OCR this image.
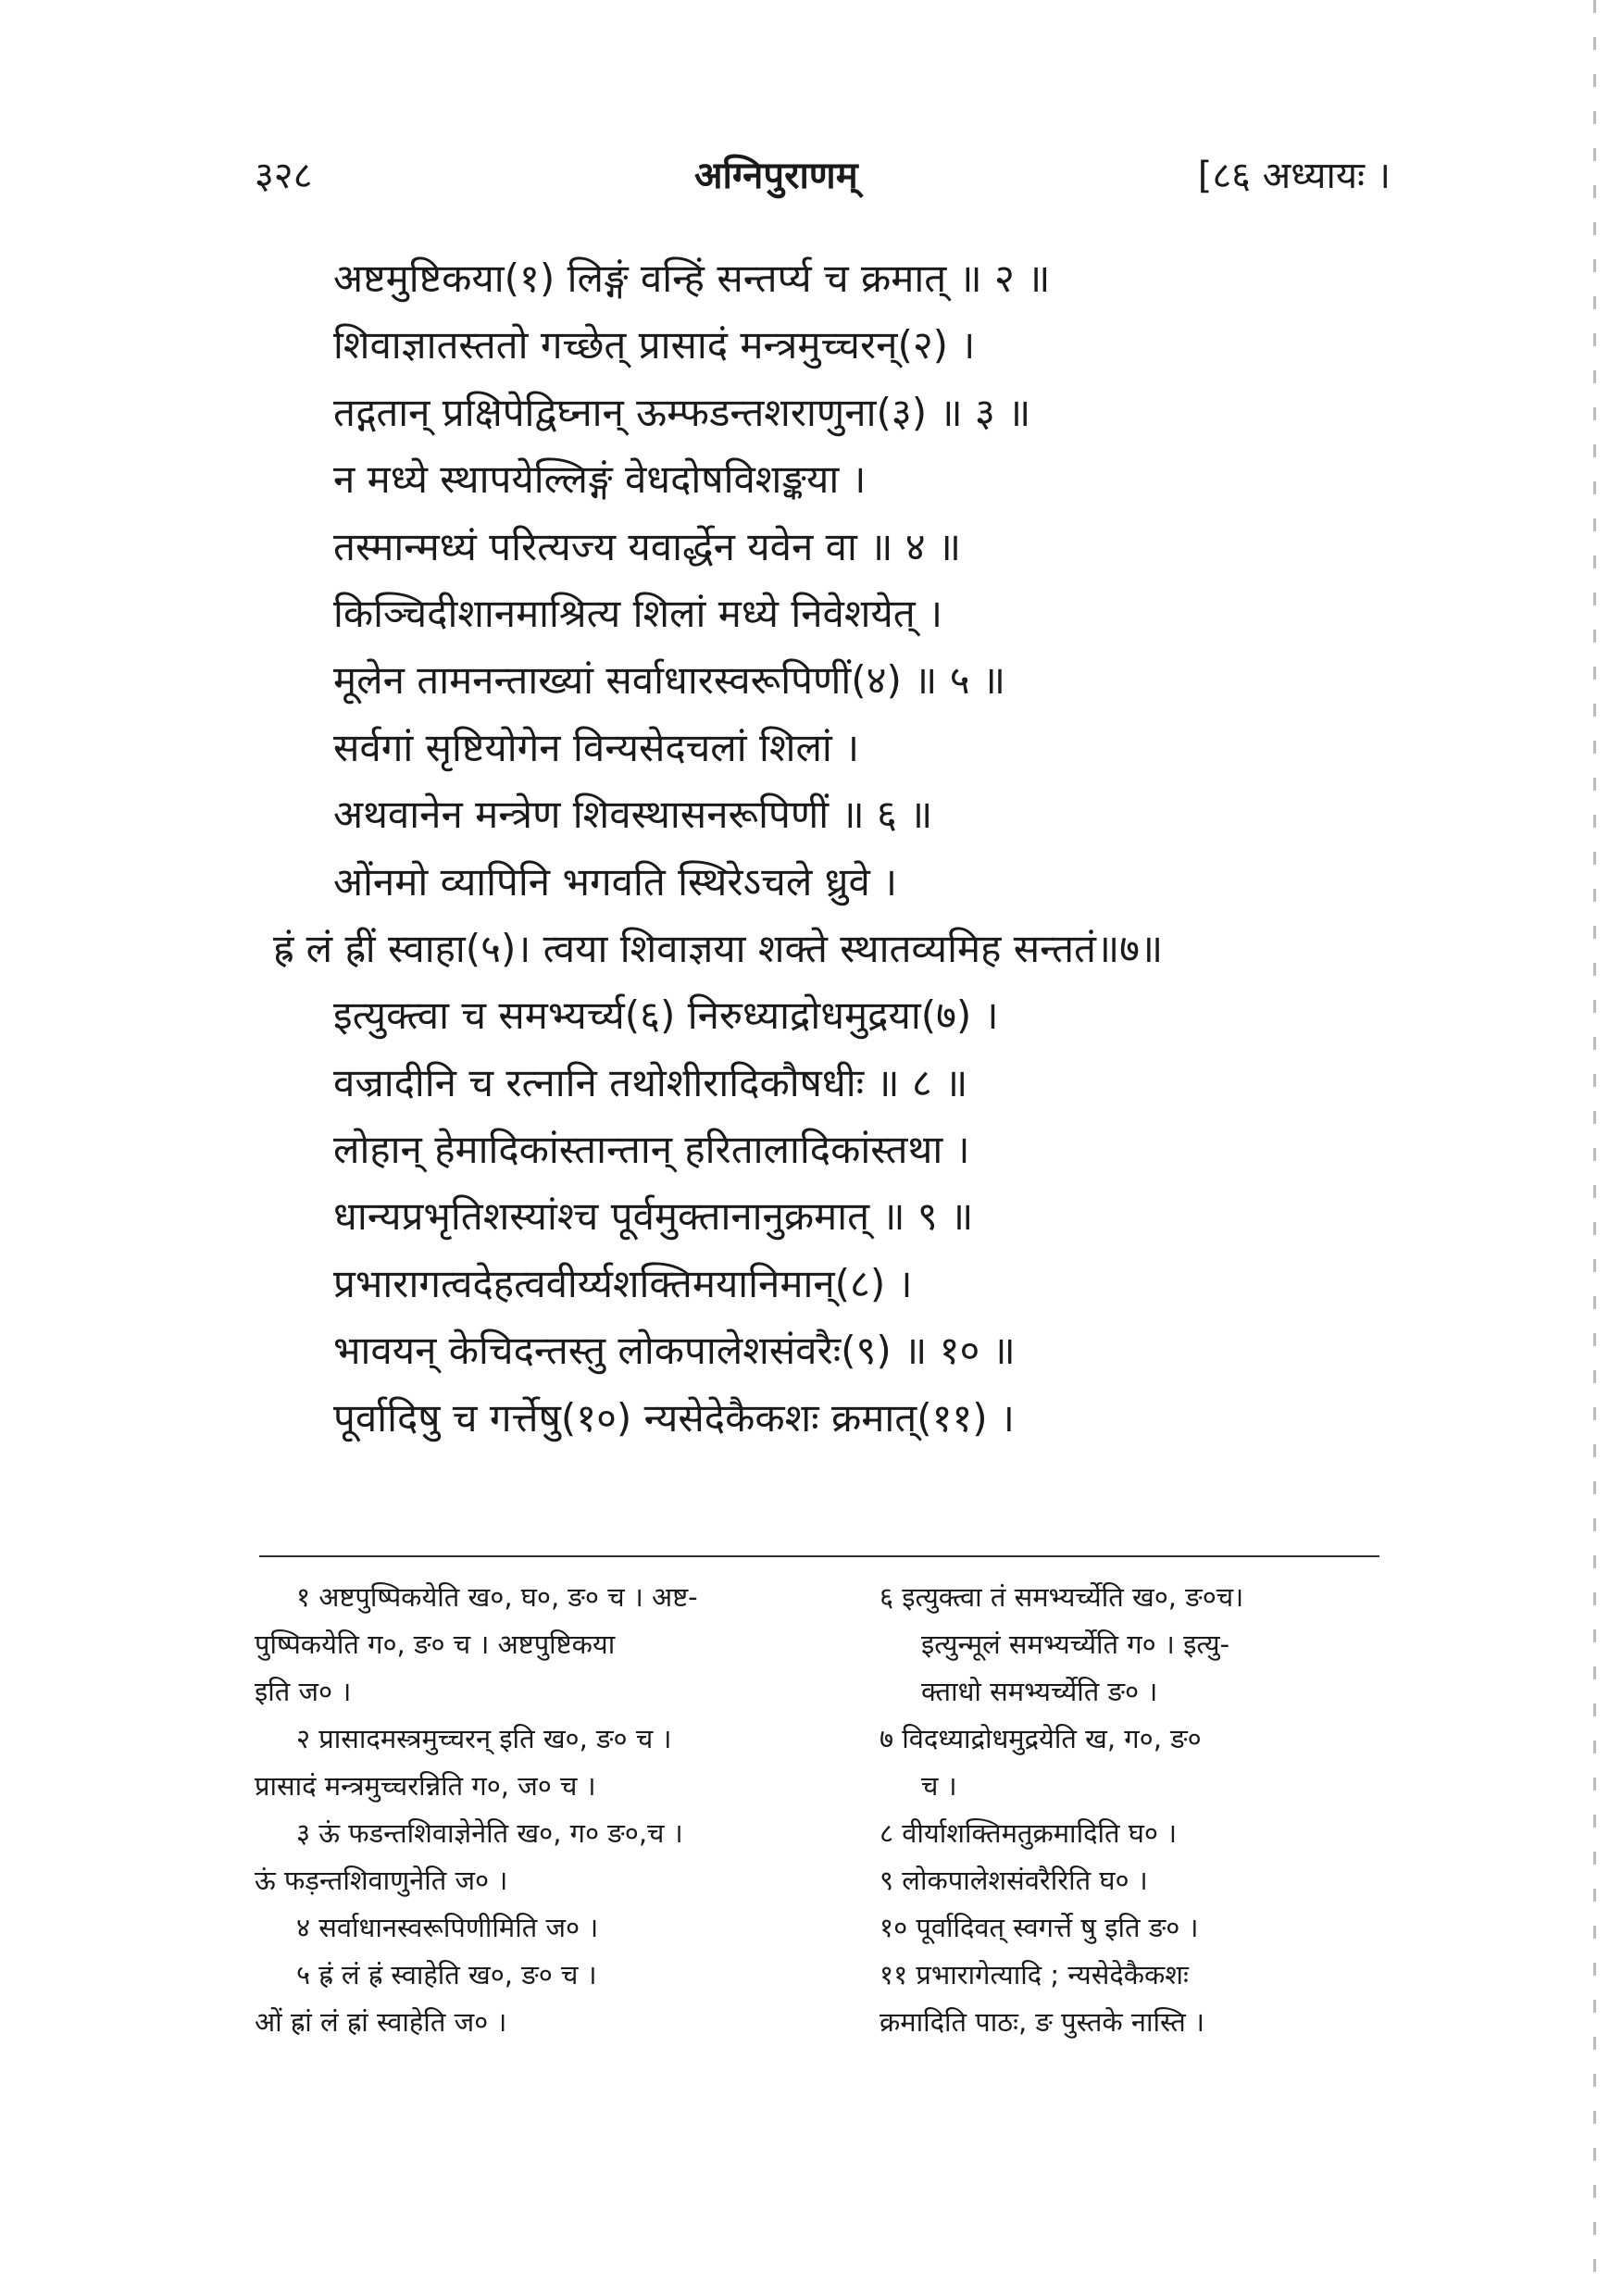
३२८	अग्निपुराणम्	[८६ अध्यायः ।
अष्टमुष्टिकया(१) लिङ्गं वन्हिं सन्तर्प्य च क्रमात् ॥ २ ॥
शिवाज्ञातस्ततो गच्छेत् प्रासादं मन्त्रमुच्चरन्(२) ।
तद्गतान् प्रक्षिपेद्विघ्नान् ऊम्फडन्तशराणुना(३) ॥ ३ ॥
न मध्ये स्थापयेल्लिङ्गं वेधदोषविशङ्कया ।
तस्मान्मध्यं परित्यज्य यवार्द्धेन यवेन वा ॥ ४ ॥
किञ्चिदीशानमाश्रित्य शिलां मध्ये निवेशयेत् ।
मूलेन तामनन्ताख्यां सर्वाधारस्वरूपिणीं(४) ॥ ५ ॥
सर्वगां सृष्टियोगेन विन्यसेदचलां शिलां ।
अथवानेन मन्त्रेण शिवस्थासनरूपिणीं ॥ ६ ॥
ओंनमो व्यापिनि भगवति स्थिरेऽचले ध्रुवे ।
ह्रं लं ह्रीं स्वाहा(५)। त्वया शिवाज्ञया शक्ते स्थातव्यमिह सन्ततं॥७॥
इत्युक्त्वा च समभ्यर्च्य(६) निरुध्याद्रोधमुद्रया(७) ।
वज्रादीनि च रत्नानि तथोशीरादिकौषधीः ॥ ८ ॥
लोहान् हेमादिकांस्तान्तान् हरितालादिकांस्तथा ।
धान्यप्रभृतिशस्यांश्च पूर्वमुक्तानानुक्रमात् ॥ ९ ॥
प्रभारागत्वदेहत्ववीर्य्यशक्तिमयानिमान्(८) ।
भावयन् केचिदन्तस्तु लोकपालेशसंवरैः(९) ॥ १० ॥
पूर्वादिषु च गर्त्तेषु(१०) न्यसेदेकैकशः क्रमात्(११) ।
१ अष्टपुष्पिकयेति ख०, घ०, ङ० च । अष्ट-
पुष्पिकयेति ग०, ङ० च । अष्टपुष्टिकया
इति ज० ।
२ प्रासादमस्त्रमुच्चरन् इति ख०, ङ० च ।
प्रासादं मन्त्रमुच्चरन्निति ग०, ज० च ।
३ ऊं फडन्तशिवाज्ञेनेति ख०, ग० ङ०,च ।
ऊं फड़न्तशिवाणुनेति ज० ।
४ सर्वाधानस्वरूपिणीमिति ज० ।
५ ह्रं लं ह्रं स्वाहेति ख०, ङ० च ।
ओं ह्रां लं ह्रां स्वाहेति ज० ।
६ इत्युक्त्वा तं समभ्यर्च्येति ख०, ङ०च।
इत्युन्मूलं समभ्यर्च्येति ग० । इत्यु-
क्ताधो समभ्यर्च्येति ङ० ।
७ विदध्याद्रोधमुद्रयेति ख, ग०, ङ०
च ।
८ वीर्याशक्तिमतुक्रमादिति घ० ।
९ लोकपालेशसंवरैरिति घ० ।
१० पूर्वादिवत् स्वगर्त्ते षु इति ङ० ।
११ प्रभारागेत्यादि ; न्यसेदेकैकशः
क्रमादिति पाठः, ङ पुस्तके नास्ति ।
